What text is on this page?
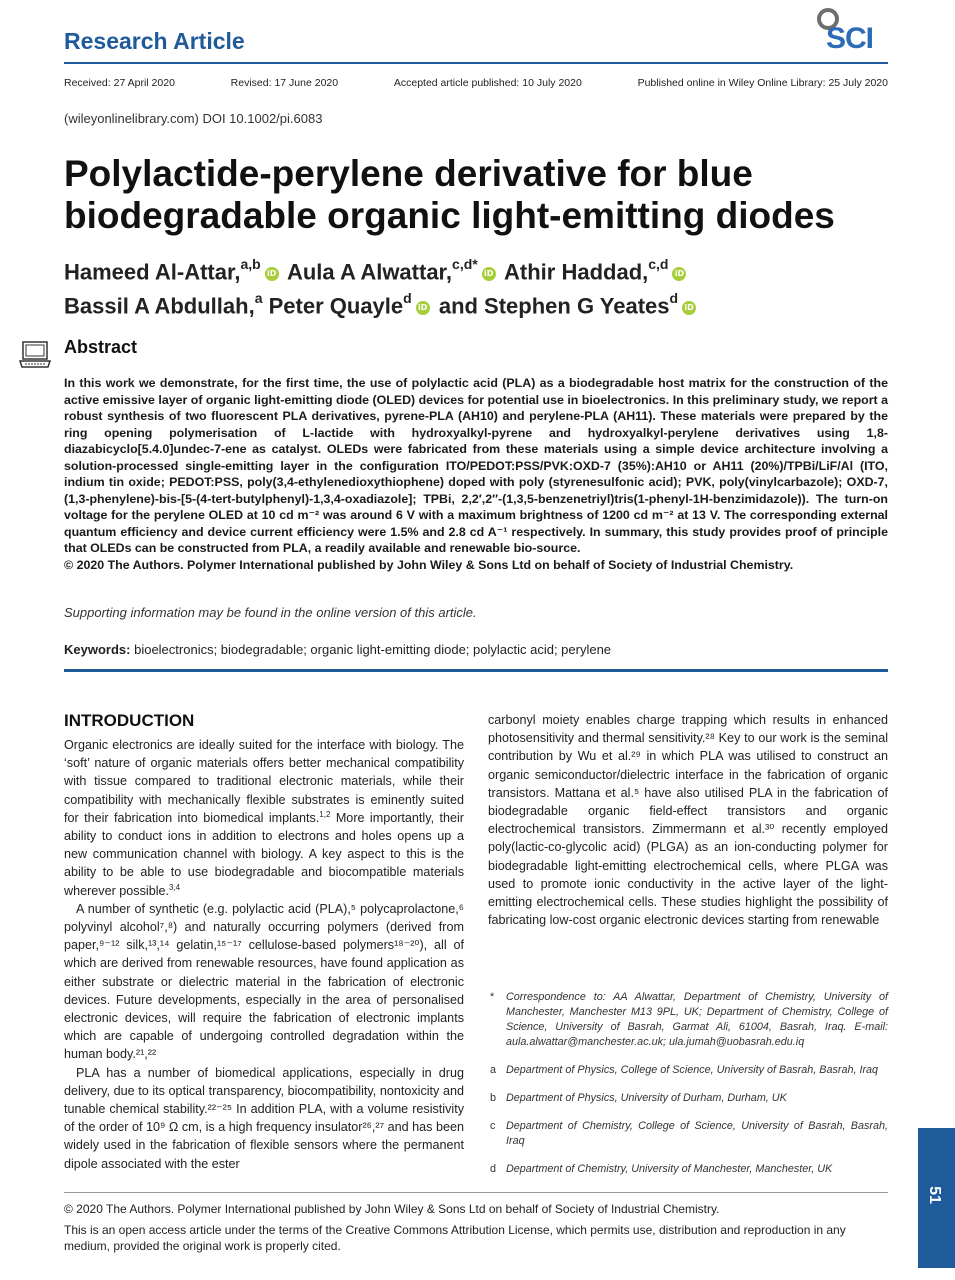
Research Article	SCI
Received: 27 April 2020	Revised: 17 June 2020	Accepted article published: 10 July 2020	Published online in Wiley Online Library: 25 July 2020
(wileyonlinelibrary.com) DOI 10.1002/pi.6083
Polylactide-perylene derivative for blue
biodegradable organic light-emitting diodes
Hameed Al-Attar,$^{a,b}$iD Aula A Alwattar,$^{c,d*}$iD Athir Haddad,$^{c,d}$iD
Bassil A Abdullah,$^a$ Peter Quayle$^d$iD and Stephen G Yeates$^d$iD
Abstract
In this work we demonstrate, for the first time, the use of polylactic acid (PLA) as a biodegradable host matrix for the construction of the active emissive layer of organic light-emitting diode (OLED) devices for potential use in bioelectronics. In this preliminary study, we report a robust synthesis of two fluorescent PLA derivatives, pyrene-PLA (AH10) and perylene-PLA (AH11). These materials were prepared by the ring opening polymerisation of L-lactide with hydroxyalkyl-pyrene and hydroxyalkyl-perylene derivatives using 1,8-diazabicyclo[5.4.0]undec-7-ene as catalyst. OLEDs were fabricated from these materials using a simple device architecture involving a solution-processed single-emitting layer in the configuration ITO/PEDOT:PSS/PVK:OXD-7 (35%):AH10 or AH11 (20%)/TPBi/LiF/Al (ITO, indium tin oxide; PEDOT:PSS, poly(3,4-ethylenedioxythiophene) doped with poly (styrenesulfonic acid); PVK, poly(vinylcarbazole); OXD-7, (1,3-phenylene)-bis-[5-(4-tert-butylphenyl)-1,3,4-oxadiazole]; TPBi, 2,2′,2″-(1,3,5-benzenetriyl)tris(1-phenyl-1H-benzimidazole)). The turn-on voltage for the perylene OLED at 10 cd m⁻² was around 6 V with a maximum brightness of 1200 cd m⁻² at 13 V. The corresponding external quantum efficiency and device current efficiency were 1.5% and 2.8 cd A⁻¹ respectively. In summary, this study provides proof of principle that OLEDs can be constructed from PLA, a readily available and renewable bio-source.
© 2020 The Authors. Polymer International published by John Wiley & Sons Ltd on behalf of Society of Industrial Chemistry.
Supporting information may be found in the online version of this article.
Keywords: bioelectronics; biodegradable; organic light-emitting diode; polylactic acid; perylene
INTRODUCTION

Organic electronics are ideally suited for the interface with biology. The ‘soft’ nature of organic materials offers better mechanical compatibility with tissue compared to traditional electronic materials, while their compatibility with mechanically flexible substrates is eminently suited for their fabrication into biomedical implants.$^{1,2}$ More importantly, their ability to conduct ions in addition to electrons and holes opens up a new communication channel with biology. A key aspect to this is the ability to be able to use biodegradable and biocompatible materials wherever possible.$^{3,4}$

A number of synthetic (e.g. polylactic acid (PLA),⁵ polycaprolactone,⁶ polyvinyl alcohol⁷,⁸) and naturally occurring polymers (derived from paper,⁹⁻¹² silk,¹³,¹⁴ gelatin,¹⁵⁻¹⁷ cellulose-based polymers¹⁸⁻²⁰), all of which are derived from renewable resources, have found application as either substrate or dielectric material in the fabrication of electronic devices. Future developments, especially in the area of personalised electronic devices, will require the fabrication of electronic implants which are capable of undergoing controlled degradation within the human body.²¹,²²

PLA has a number of biomedical applications, especially in drug delivery, due to its optical transparency, biocompatibility, nontoxicity and tunable chemical stability.²²⁻²⁵ In addition PLA, with a volume resistivity of the order of 10⁹ Ω cm, is a high frequency insulator²⁶,²⁷ and has been widely used in the fabrication of flexible sensors where the permanent dipole associated with the ester

carbonyl moiety enables charge trapping which results in enhanced photosensitivity and thermal sensitivity.²⁸ Key to our work is the seminal contribution by Wu et al.²⁹ in which PLA was utilised to construct an organic semiconductor/dielectric interface in the fabrication of organic transistors. Mattana et al.⁵ have also utilised PLA in the fabrication of biodegradable organic field-effect transistors and organic electrochemical transistors. Zimmermann et al.³⁰ recently employed poly(lactic-co-glycolic acid) (PLGA) as an ion-conducting polymer for biodegradable light-emitting electrochemical cells, where PLGA was used to promote ionic conductivity in the active layer of the light-emitting electrochemical cells. These studies highlight the possibility of fabricating low-cost organic electronic devices starting from renewable

* Correspondence to: AA Alwattar, Department of Chemistry, University of Manchester, Manchester M13 9PL, UK; Department of Chemistry, College of Science, University of Basrah, Garmat Ali, 61004, Basrah, Iraq. E-mail: aula.alwattar@manchester.ac.uk; ula.jumah@uobasrah.edu.iq
a Department of Physics, College of Science, University of Basrah, Basrah, Iraq
b Department of Physics, University of Durham, Durham, UK
c Department of Chemistry, College of Science, University of Basrah, Basrah, Iraq
d Department of Chemistry, University of Manchester, Manchester, UK
© 2020 The Authors. Polymer International published by John Wiley & Sons Ltd on behalf of Society of Industrial Chemistry.
This is an open access article under the terms of the Creative Commons Attribution License, which permits use, distribution and reproduction in any medium, provided the original work is properly cited.
51
